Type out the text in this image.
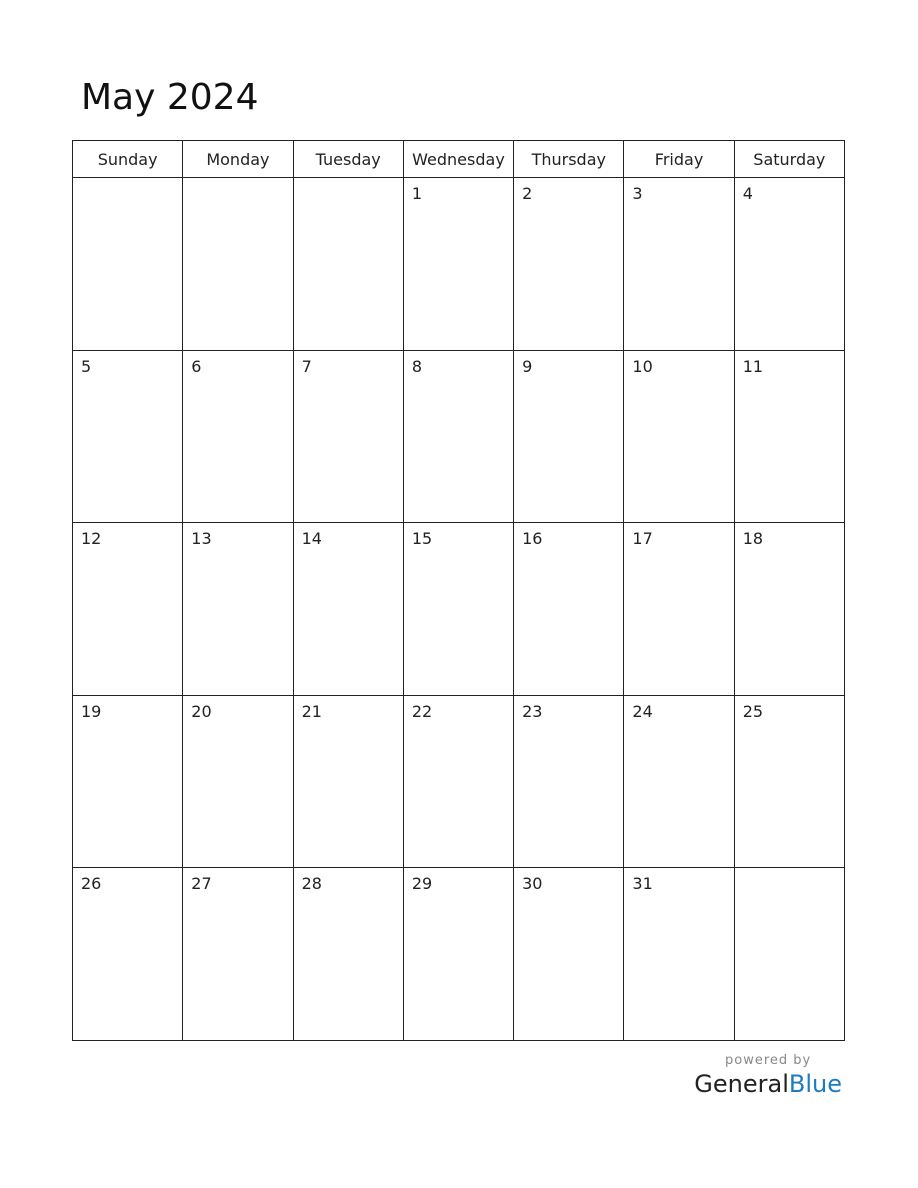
May 2024
Sunday	Monday	Tuesday	Wednesday	Thursday	Friday	Saturday

			1	2	3	4

5	6	7	8	9	10	11

12	13	14	15	16	17	18

19	20	21	22	23	24	25

26	27	28	29	30	31	

powered by
GeneralBlue
